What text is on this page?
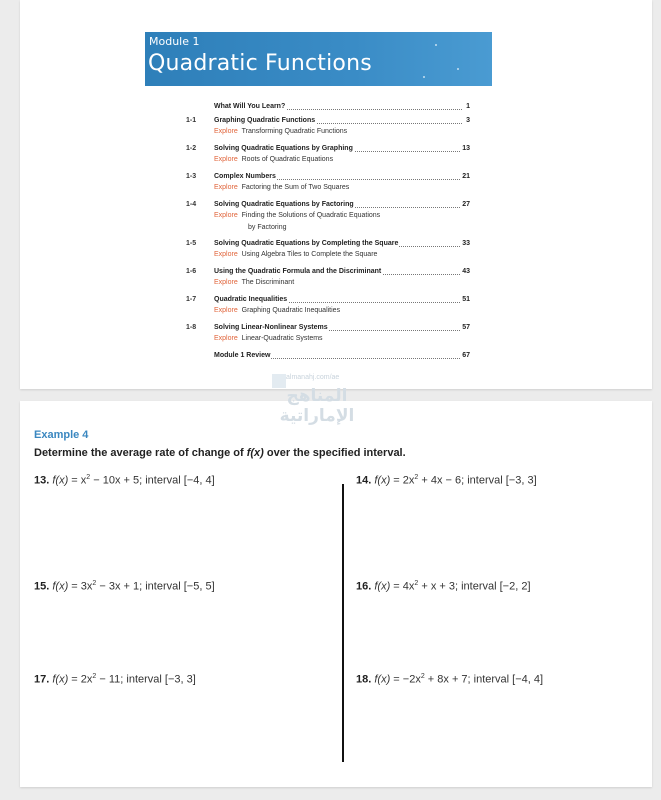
Module 1
Quadratic Functions
What Will You Learn?	1
1-1	Graphing Quadratic Functions	3
Explore Transforming Quadratic Functions
1-2	Solving Quadratic Equations by Graphing	13
Explore Roots of Quadratic Equations
1-3	Complex Numbers	21
Explore Factoring the Sum of Two Squares
1-4	Solving Quadratic Equations by Factoring	27
Explore Finding the Solutions of Quadratic Equations
by Factoring
1-5	Solving Quadratic Equations by Completing the Square	33
Explore Using Algebra Tiles to Complete the Square
1-6	Using the Quadratic Formula and the Discriminant	43
Explore The Discriminant
1-7	Quadratic Inequalities	51
Explore Graphing Quadratic Inequalities
1-8	Solving Linear-Nonlinear Systems	57
Explore Linear-Quadratic Systems
Module 1 Review	67
almanahj.com/ae
المناهج الإماراتية
Example 4
Determine the average rate of change of f(x) over the specified interval.
13. $f(x) = x^2 - 10x + 5$; interval [−4, 4]	14. $f(x) = 2x^2 + 4x - 6$; interval [−3, 3]
15. $f(x) = 3x^2 - 3x + 1$; interval [−5, 5]	16. $f(x) = 4x^2 + x + 3$; interval [−2, 2]
17. $f(x) = 2x^2 - 11$; interval [−3, 3]	18. $f(x) = -2x^2 + 8x + 7$; interval [−4, 4]
